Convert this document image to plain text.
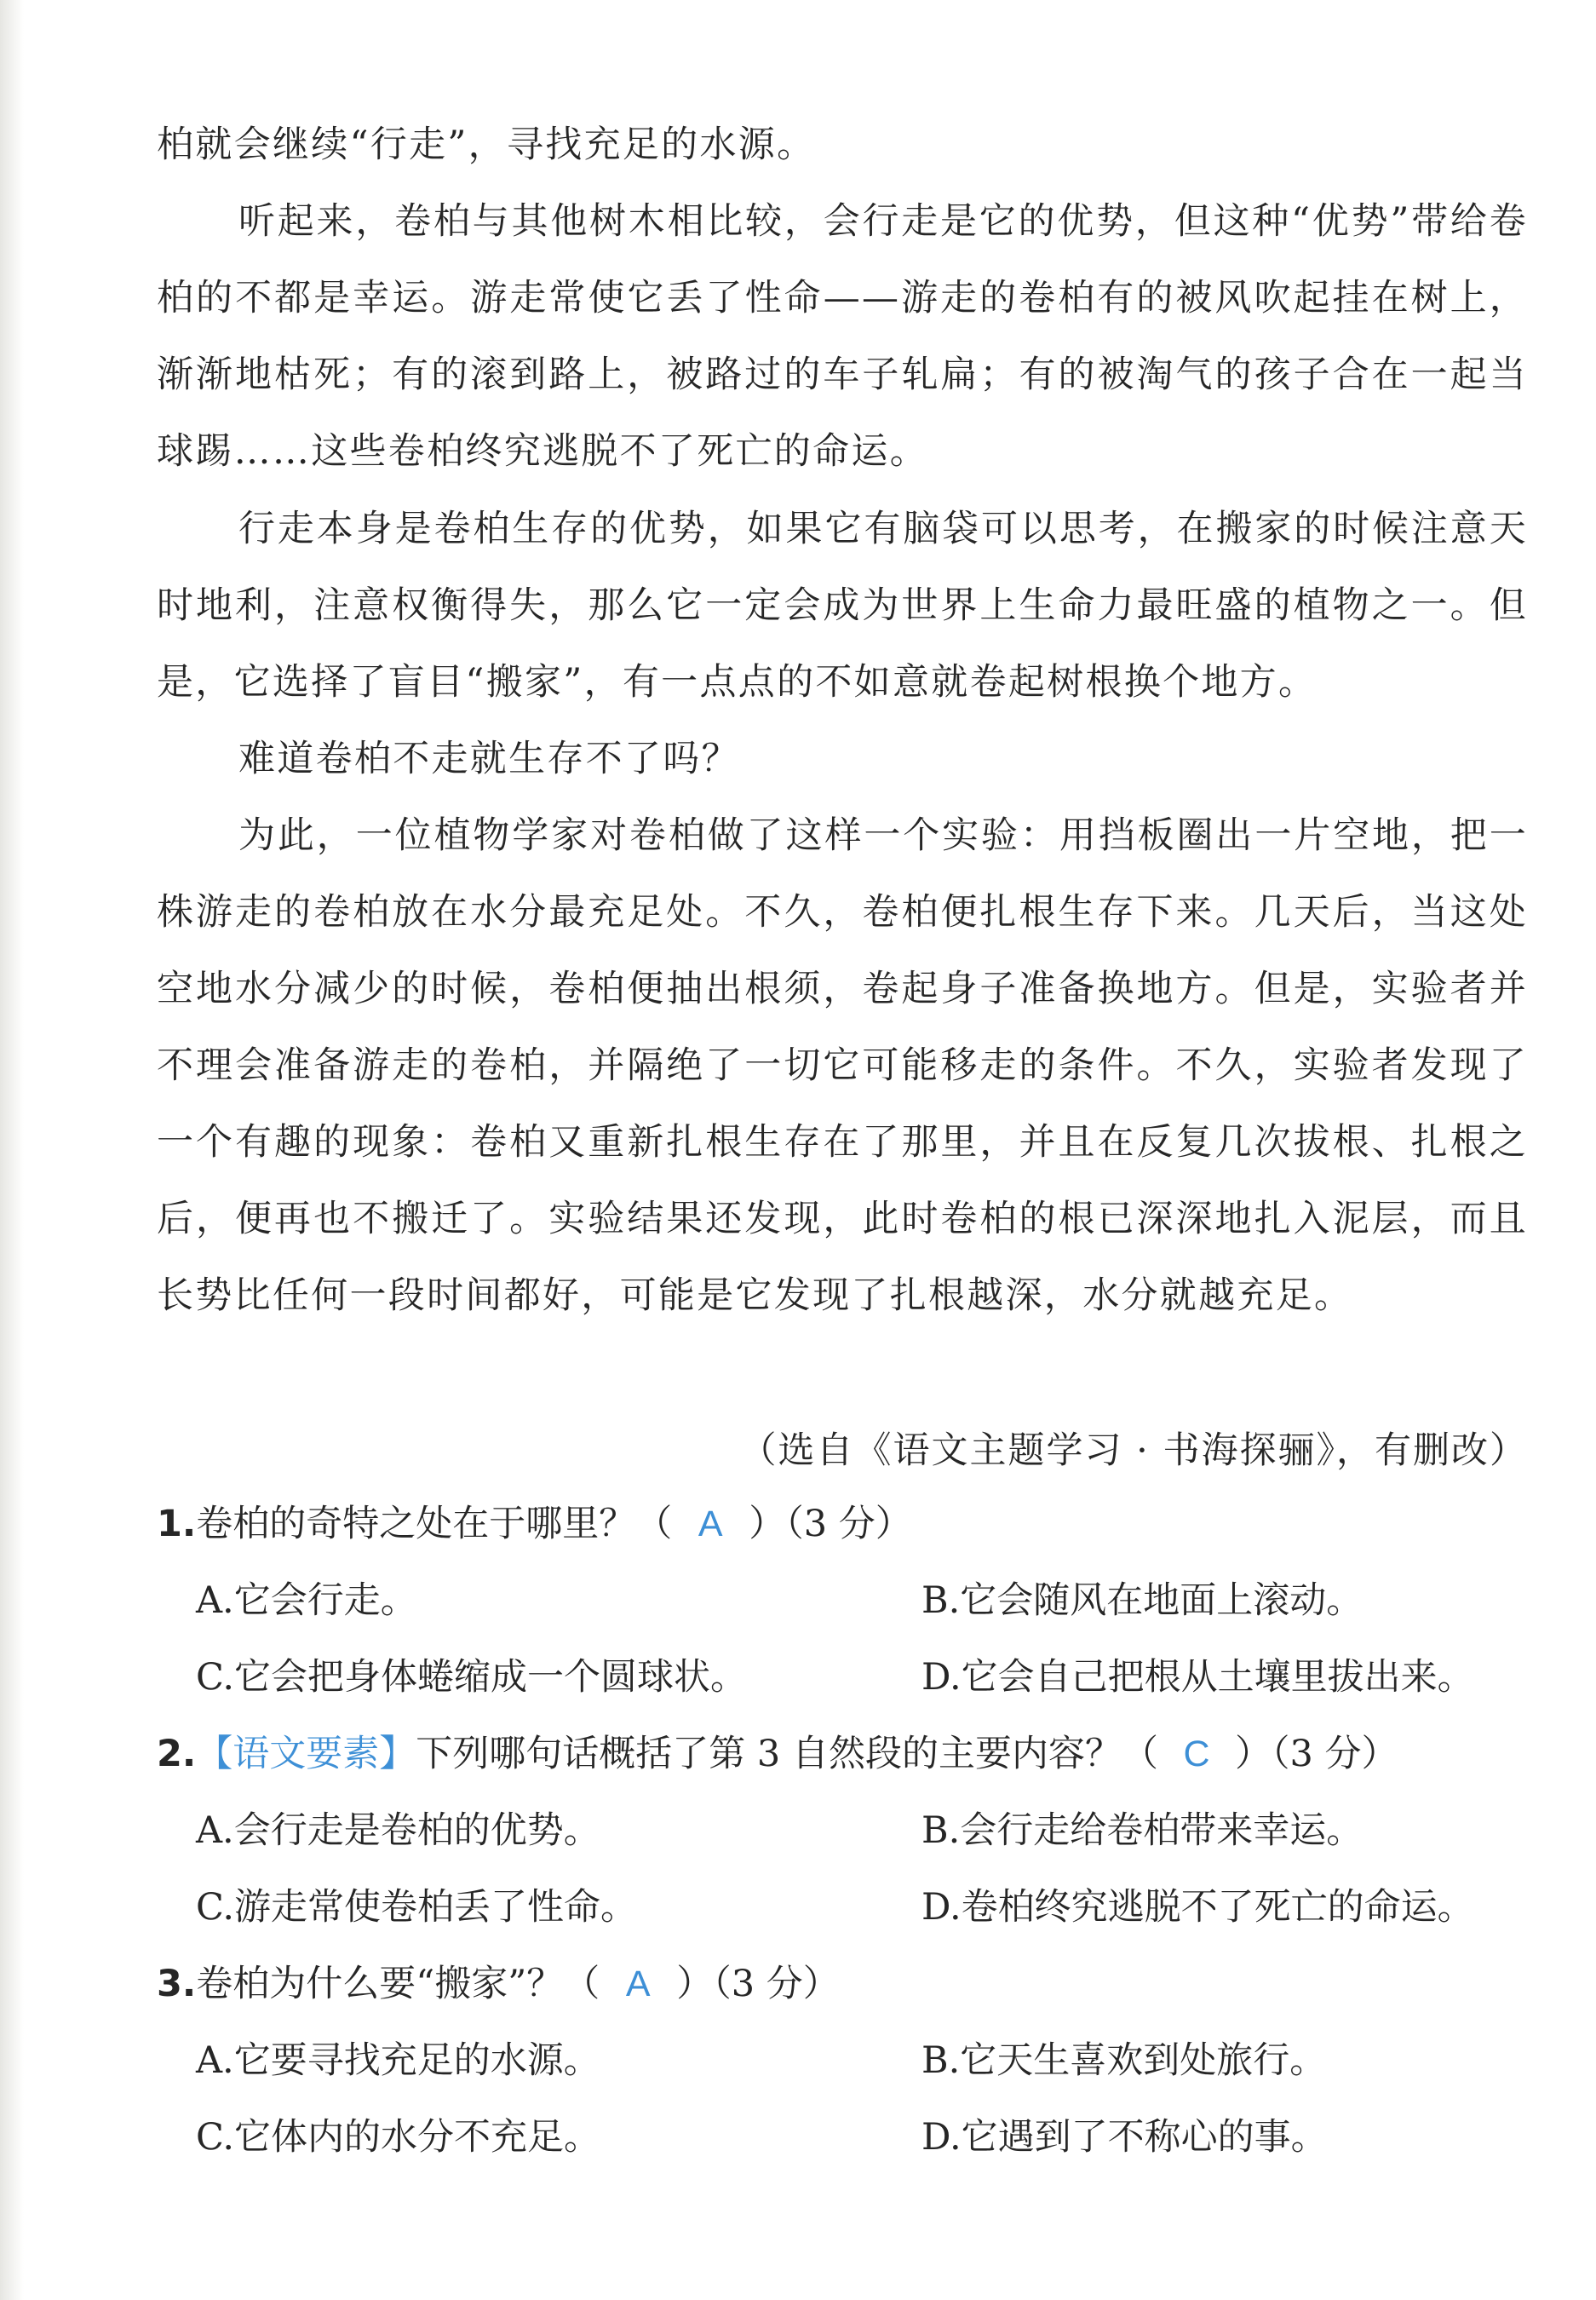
柏就会继续“行走”，寻找充足的水源。

听起来，卷柏与其他树木相比较，会行走是它的优势，但这种“优势”带给卷柏的不都是幸运。游走常使它丢了性命——游走的卷柏有的被风吹起挂在树上，渐渐地枯死；有的滚到路上，被路过的车子轧扁；有的被淘气的孩子合在一起当球踢……这些卷柏终究逃脱不了死亡的命运。

行走本身是卷柏生存的优势，如果它有脑袋可以思考，在搬家的时候注意天时地利，注意权衡得失，那么它一定会成为世界上生命力最旺盛的植物之一。但是，它选择了盲目“搬家”，有一点点的不如意就卷起树根换个地方。

难道卷柏不走就生存不了吗？

为此，一位植物学家对卷柏做了这样一个实验：用挡板圈出一片空地，把一株游走的卷柏放在水分最充足处。不久，卷柏便扎根生存下来。几天后，当这处空地水分减少的时候，卷柏便抽出根须，卷起身子准备换地方。但是，实验者并不理会准备游走的卷柏，并隔绝了一切它可能移走的条件。不久，实验者发现了一个有趣的现象：卷柏又重新扎根生存在了那里，并且在反复几次拔根、扎根之后，便再也不搬迁了。实验结果还发现，此时卷柏的根已深深地扎入泥层，而且长势比任何一段时间都好，可能是它发现了扎根越深，水分就越充足。

（选自《语文主题学习 · 书海探骊》，有删改）
1.卷柏的奇特之处在于哪里？（ A ）（3 分）
A.它会行走。	B.它会随风在地面上滚动。
C.它会把身体蜷缩成一个圆球状。	D.它会自己把根从土壤里拔出来。
2.【语文要素】下列哪句话概括了第 3 自然段的主要内容？（ C ）（3 分）
A.会行走是卷柏的优势。	B.会行走给卷柏带来幸运。
C.游走常使卷柏丢了性命。	D.卷柏终究逃脱不了死亡的命运。
3.卷柏为什么要“搬家”？（ A ）（3 分）
A.它要寻找充足的水源。	B.它天生喜欢到处旅行。
C.它体内的水分不充足。	D.它遇到了不称心的事。
